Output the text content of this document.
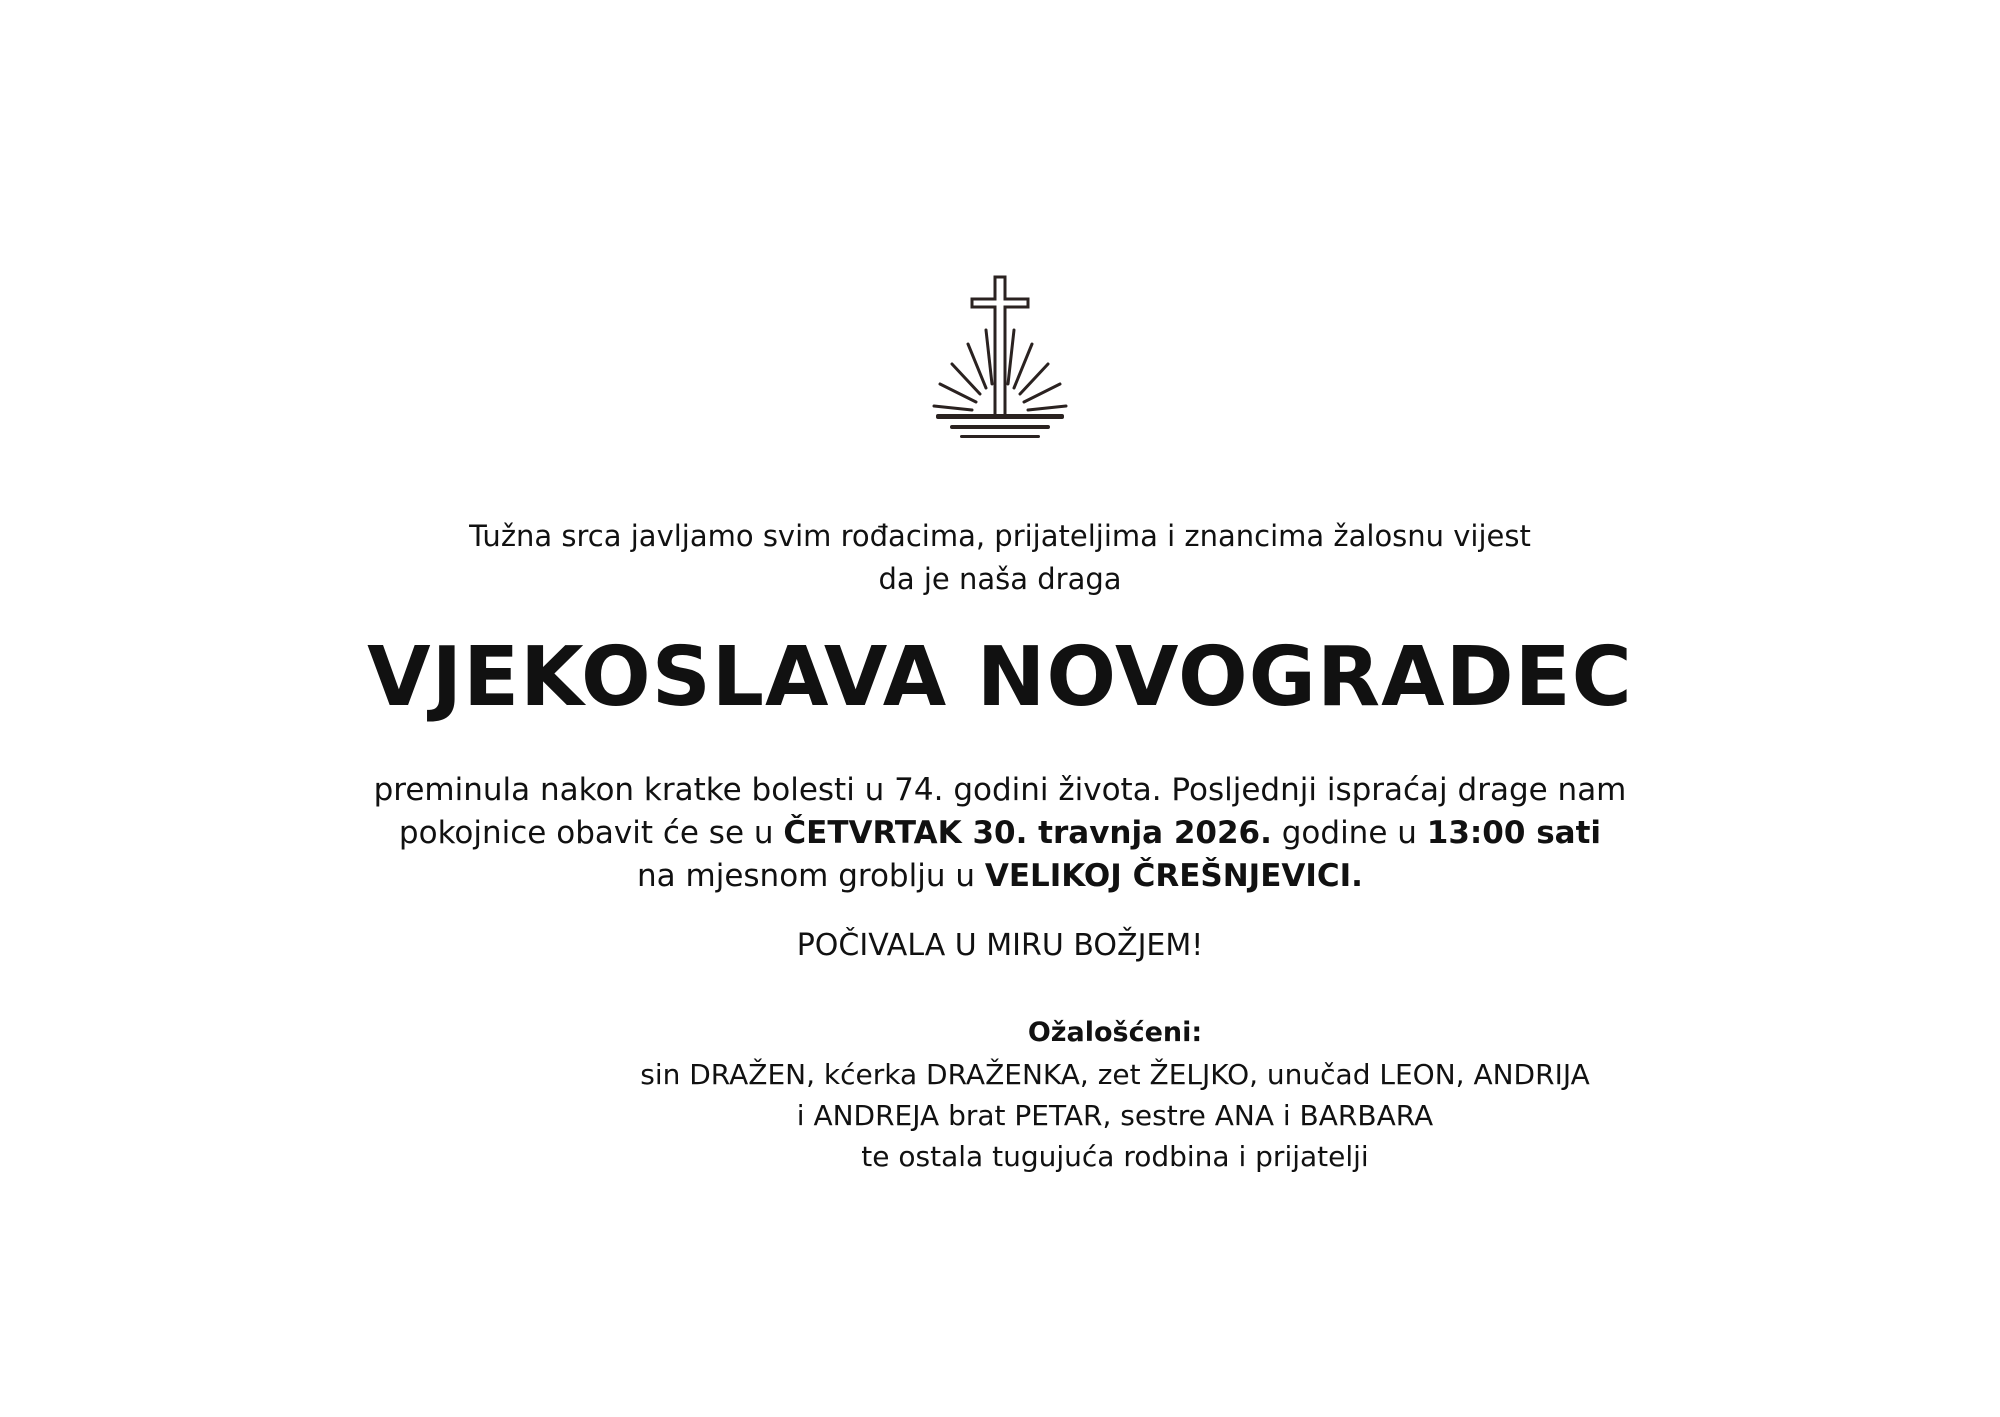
Tužna srca javljamo svim rođacima, prijateljima i znancima žalosnu vijest
da je naša draga
VJEKOSLAVA NOVOGRADEC
preminula nakon kratke bolesti u 74. godini života. Posljednji ispraćaj drage nam
pokojnice obavit će se u ČETVRTAK 30. travnja 2026. godine u 13:00 sati
na mjesnom groblju u VELIKOJ ČREŠNJEVICI.
POČIVALA U MIRU BOŽJEM!
Ožalošćeni:
sin DRAŽEN, kćerka DRAŽENKA, zet ŽELJKO, unučad LEON, ANDRIJA
i ANDREJA brat PETAR, sestre ANA i BARBARA
te ostala tugujuća rodbina i prijatelji
